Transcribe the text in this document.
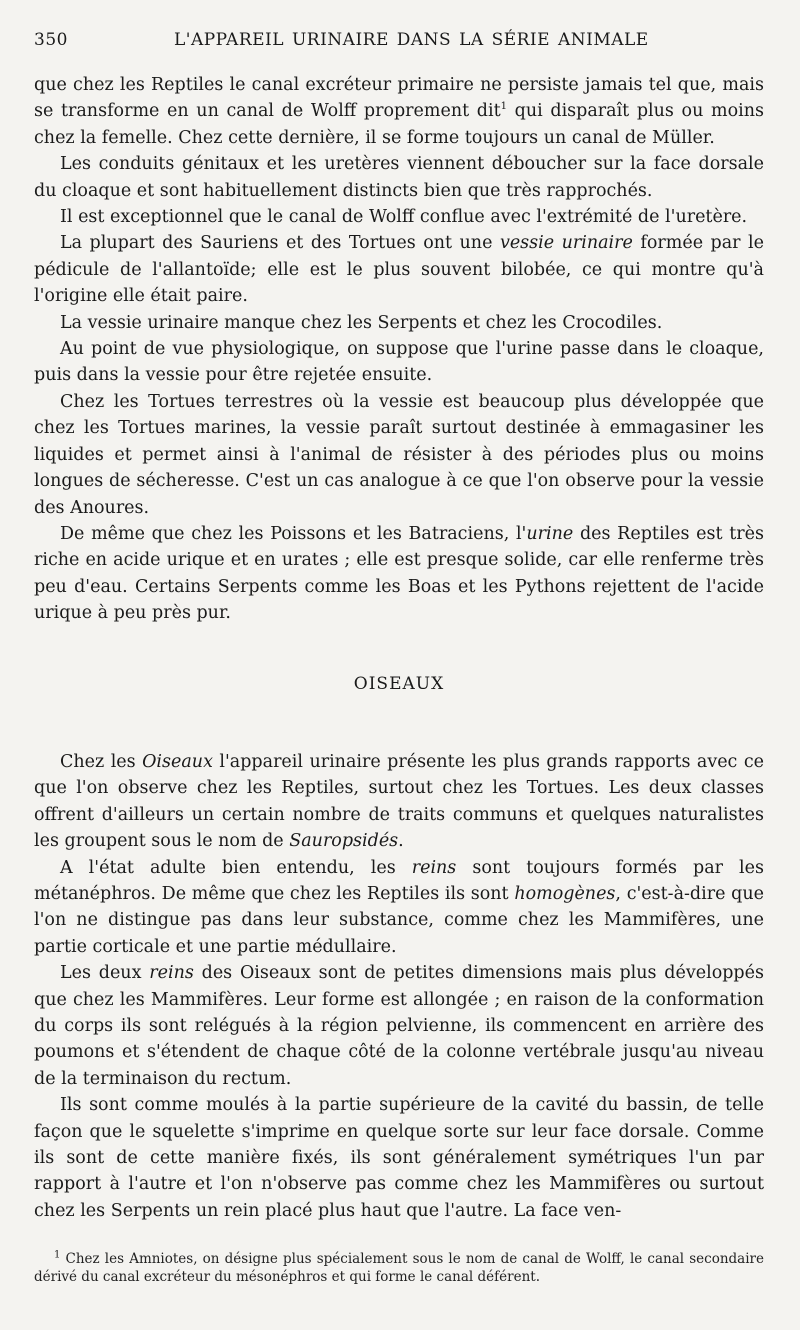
350	L'APPAREIL URINAIRE DANS LA SÉRIE ANIMALE

que chez les Reptiles le canal excréteur primaire ne persiste jamais tel que, mais se transforme en un canal de Wolff proprement dit$^1$ qui disparaît plus ou moins chez la femelle. Chez cette dernière, il se forme toujours un canal de Müller.

Les conduits génitaux et les uretères viennent déboucher sur la face dorsale du cloaque et sont habituellement distincts bien que très rapprochés.

Il est exceptionnel que le canal de Wolff conflue avec l'extrémité de l'uretère.

La plupart des Sauriens et des Tortues ont une vessie urinaire formée par le pédicule de l'allantoïde; elle est le plus souvent bilobée, ce qui montre qu'à l'origine elle était paire.

La vessie urinaire manque chez les Serpents et chez les Crocodiles.

Au point de vue physiologique, on suppose que l'urine passe dans le cloaque, puis dans la vessie pour être rejetée ensuite.

Chez les Tortues terrestres où la vessie est beaucoup plus développée que chez les Tortues marines, la vessie paraît surtout destinée à emmagasiner les liquides et permet ainsi à l'animal de résister à des périodes plus ou moins longues de sécheresse. C'est un cas analogue à ce que l'on observe pour la vessie des Anoures.

De même que chez les Poissons et les Batraciens, l'urine des Reptiles est très riche en acide urique et en urates ; elle est presque solide, car elle renferme très peu d'eau. Certains Serpents comme les Boas et les Pythons rejettent de l'acide urique à peu près pur.

OISEAUX

Chez les Oiseaux l'appareil urinaire présente les plus grands rapports avec ce que l'on observe chez les Reptiles, surtout chez les Tortues. Les deux classes offrent d'ailleurs un certain nombre de traits communs et quelques naturalistes les groupent sous le nom de Sauropsidés.

A l'état adulte bien entendu, les reins sont toujours formés par les métanéphros. De même que chez les Reptiles ils sont homogènes, c'est-à-dire que l'on ne distingue pas dans leur substance, comme chez les Mammifères, une partie corticale et une partie médullaire.

Les deux reins des Oiseaux sont de petites dimensions mais plus développés que chez les Mammifères. Leur forme est allongée ; en raison de la conformation du corps ils sont relégués à la région pelvienne, ils commencent en arrière des poumons et s'étendent de chaque côté de la colonne vertébrale jusqu'au niveau de la terminaison du rectum.

Ils sont comme moulés à la partie supérieure de la cavité du bassin, de telle façon que le squelette s'imprime en quelque sorte sur leur face dorsale. Comme ils sont de cette manière fixés, ils sont généralement symétriques l'un par rapport à l'autre et l'on n'observe pas comme chez les Mammifères ou surtout chez les Serpents un rein placé plus haut que l'autre. La face ven-

$^1$ Chez les Amniotes, on désigne plus spécialement sous le nom de canal de Wolff, le canal secondaire dérivé du canal excréteur du mésonéphros et qui forme le canal déférent.
